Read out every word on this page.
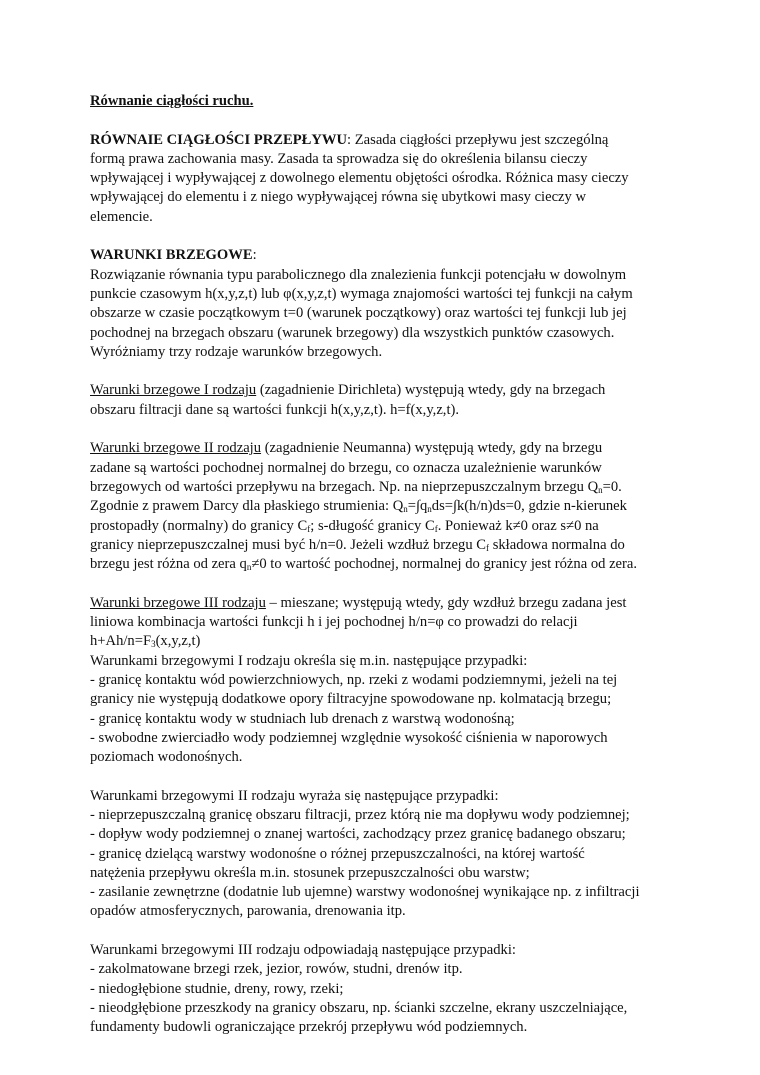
Równanie ciągłości ruchu.
RÓWNAIE CIĄGŁOŚCI PRZEPŁYWU: Zasada ciągłości przepływu jest szczególną
formą prawa zachowania masy. Zasada ta sprowadza się do określenia bilansu cieczy
wpływającej i wypływającej z dowolnego elementu objętości ośrodka. Różnica masy cieczy
wpływającej do elementu i z niego wypływającej równa się ubytkowi masy cieczy w
elemencie.
WARUNKI BRZEGOWE:
Rozwiązanie równania typu parabolicznego dla znalezienia funkcji potencjału w dowolnym
punkcie czasowym h(x,y,z,t) lub φ(x,y,z,t) wymaga znajomości wartości tej funkcji na całym
obszarze w czasie początkowym t=0 (warunek początkowy) oraz wartości tej funkcji lub jej
pochodnej na brzegach obszaru (warunek brzegowy) dla wszystkich punktów czasowych.
Wyróżniamy trzy rodzaje warunków brzegowych.
Warunki brzegowe I rodzaju (zagadnienie Dirichleta) występują wtedy, gdy na brzegach
obszaru filtracji dane są wartości funkcji h(x,y,z,t). h=f(x,y,z,t).
Warunki brzegowe II rodzaju (zagadnienie Neumanna) występują wtedy, gdy na brzegu
zadane są wartości pochodnej normalnej do brzegu, co oznacza uzależnienie warunków
brzegowych od wartości przepływu na brzegach. Np. na nieprzepuszczalnym brzegu $Q_n=0$.
Zgodnie z prawem Darcy dla płaskiego strumienia: $Q_n=\int q_nds=\int k(h/n)ds=0$, gdzie n-kierunek
prostopadły (normalny) do granicy $C_f$; s-długość granicy $C_f$. Ponieważ k≠0 oraz s≠0 na
granicy nieprzepuszczalnej musi być h/n=0. Jeżeli wzdłuż brzegu $C_f$ składowa normalna do
brzegu jest różna od zera $q_n\ne 0$ to wartość pochodnej, normalnej do granicy jest różna od zera.
Warunki brzegowe III rodzaju – mieszane; występują wtedy, gdy wzdłuż brzegu zadana jest
liniowa kombinacja wartości funkcji h i jej pochodnej h/n=φ co prowadzi do relacji
$h+Ah/n=F_3(x,y,z,t)$
Warunkami brzegowymi I rodzaju określa się m.in. następujące przypadki:
- granicę kontaktu wód powierzchniowych, np. rzeki z wodami podziemnymi, jeżeli na tej
granicy nie występują dodatkowe opory filtracyjne spowodowane np. kolmatacją brzegu;
- granicę kontaktu wody w studniach lub drenach z warstwą wodonośną;
- swobodne zwierciadło wody podziemnej względnie wysokość ciśnienia w naporowych
poziomach wodonośnych.
Warunkami brzegowymi II rodzaju wyraża się następujące przypadki:
- nieprzepuszczalną granicę obszaru filtracji, przez którą nie ma dopływu wody podziemnej;
- dopływ wody podziemnej o znanej wartości, zachodzący przez granicę badanego obszaru;
- granicę dzielącą warstwy wodonośne o różnej przepuszczalności, na której wartość
natężenia przepływu określa m.in. stosunek przepuszczalności obu warstw;
- zasilanie zewnętrzne (dodatnie lub ujemne) warstwy wodonośnej wynikające np. z infiltracji
opadów atmosferycznych, parowania, drenowania itp.
Warunkami brzegowymi III rodzaju odpowiadają następujące przypadki:
- zakolmatowane brzegi rzek, jezior, rowów, studni, drenów itp.
- niedogłębione studnie, dreny, rowy, rzeki;
- nieodgłębione przeszkody na granicy obszaru, np. ścianki szczelne, ekrany uszczelniające,
fundamenty budowli ograniczające przekrój przepływu wód podziemnych.
